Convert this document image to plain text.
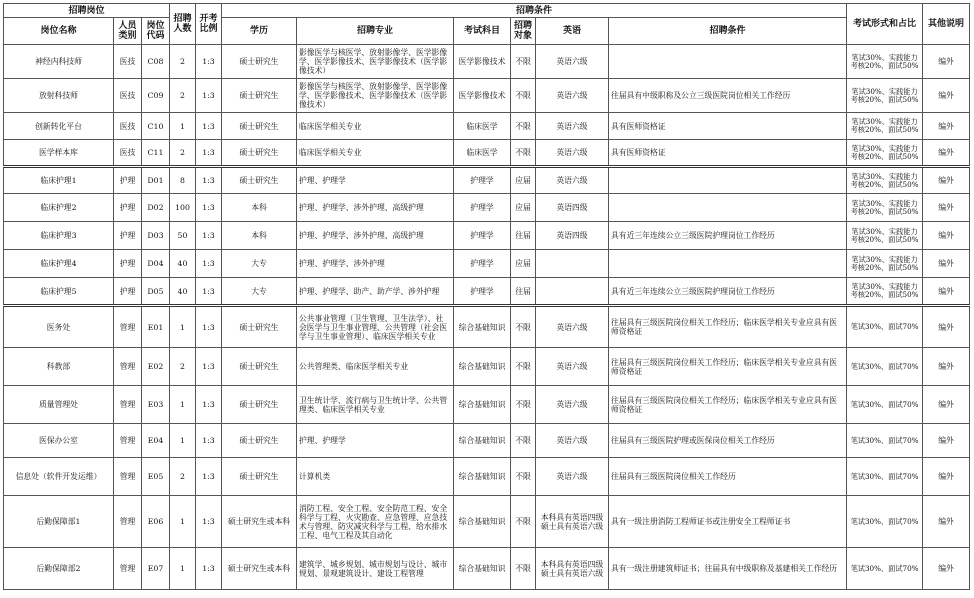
招聘岗位			招聘人数	开考比例	招聘条件						考试形式和占比	其他说明
岗位名称	人员类别	岗位代码			学历	招聘专业	考试科目	招聘对象	英语	招聘条件		
神经内科技师	医技	C08	2	1:3	硕士研究生	影像医学与核医学、放射影像学、医学影像学、医学影像技术、医学影像技术（医学影像技术）	医学影像技术	不限	英语六级		笔试30%、实践能力考核20%、面试50%	编外
放射科技师	医技	C09	2	1:3	硕士研究生	影像医学与核医学、放射影像学、医学影像学、医学影像技术、医学影像技术（医学影像技术）	医学影像技术	不限	英语六级	往届具有中级职称及公立三级医院岗位相关工作经历	笔试30%、实践能力考核20%、面试50%	编外
创新转化平台	医技	C10	1	1:3	硕士研究生	临床医学相关专业	临床医学	不限	英语六级	具有医师资格证	笔试30%、实践能力考核20%、面试50%	编外
医学样本库	医技	C11	2	1:3	硕士研究生	临床医学相关专业	临床医学	不限	英语六级	具有医师资格证	笔试30%、实践能力考核20%、面试50%	编外
临床护理1	护理	D01	8	1:3	硕士研究生	护理、护理学	护理学	应届	英语六级		笔试30%、实践能力考核20%、面试50%	编外
临床护理2	护理	D02	100	1:3	本科	护理、护理学、涉外护理、高级护理	护理学	应届	英语四级		笔试30%、实践能力考核20%、面试50%	编外
临床护理3	护理	D03	50	1:3	本科	护理、护理学、涉外护理、高级护理	护理学	往届	英语四级	具有近三年连续公立三级医院护理岗位工作经历	笔试30%、实践能力考核20%、面试50%	编外
临床护理4	护理	D04	40	1:3	大专	护理、护理学、涉外护理	护理学	应届			笔试30%、实践能力考核20%、面试50%	编外
临床护理5	护理	D05	40	1:3	大专	护理、护理学、助产、助产学、涉外护理	护理学	往届		具有近三年连续公立三级医院护理岗位工作经历	笔试30%、实践能力考核20%、面试50%	编外
医务处	管理	E01	1	1:3	硕士研究生	公共事业管理（卫生管理、卫生法学）、社会医学与卫生事业管理、公共管理（社会医学与卫生事业管理）、临床医学相关专业	综合基础知识	不限	英语六级	往届具有三级医院岗位相关工作经历；临床医学相关专业应具有医师资格证	笔试30%、面试70%	编外
科教部	管理	E02	2	1:3	硕士研究生	公共管理类、临床医学相关专业	综合基础知识	不限	英语六级	往届具有三级医院岗位相关工作经历；临床医学相关专业应具有医师资格证	笔试30%、面试70%	编外
质量管理处	管理	E03	1	1:3	硕士研究生	卫生统计学、流行病与卫生统计学、公共管理类、临床医学相关专业	综合基础知识	不限	英语六级	往届具有三级医院岗位相关工作经历；临床医学相关专业应具有医师资格证	笔试30%、面试70%	编外
医保办公室	管理	E04	1	1:3	硕士研究生	护理、护理学	综合基础知识	不限	英语六级	往届具有三级医院护理或医保岗位相关工作经历	笔试30%、面试70%	编外
信息处（软件开发运维）	管理	E05	2	1:3	硕士研究生	计算机类	综合基础知识	不限	英语六级	往届具有三级医院岗位相关工作经历	笔试30%、面试70%	编外
后勤保障部1	管理	E06	1	1:3	硕士研究生或本科	消防工程、安全工程、安全防范工程、安全科学与工程、火灾勘查、应急管理、应急技术与管理、防灾减灾科学与工程、给水排水工程、电气工程及其自动化	综合基础知识	不限	本科具有英语四级硕士具有英语六级	具有一级注册消防工程师证书或注册安全工程师证书	笔试30%、面试70%	编外
后勤保障部2	管理	E07	1	1:3	硕士研究生或本科	建筑学、城乡规划、城市规划与设计、城市规划、景观建筑设计、建设工程管理	综合基础知识	不限	本科具有英语四级硕士具有英语六级	具有一级注册建筑师证书；往届具有中级职称及基建相关工作经历	笔试30%、面试70%	编外
